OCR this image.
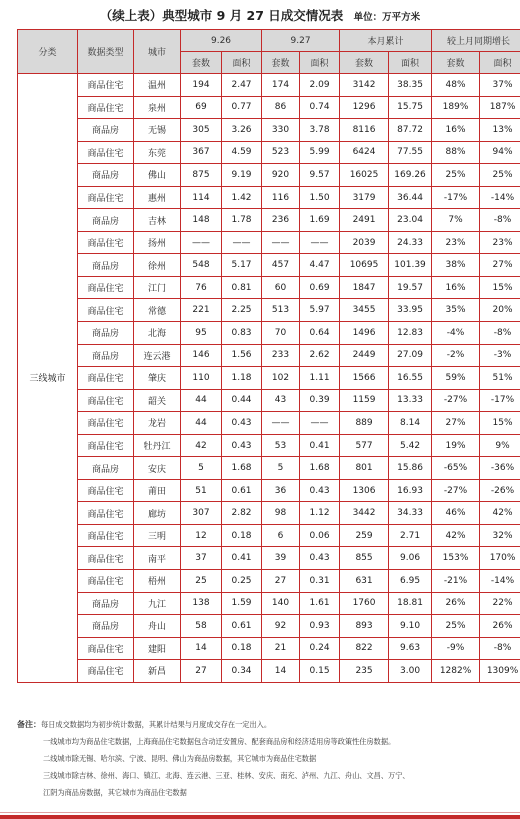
（续上表）典型城市 9 月 27 日成交情况表 单位：万平方米
分类	数据类型	城市	9.26		9.27		本月累计		较上月同期增长	
			套数	面积	套数	面积	套数	面积	套数	面积
三线城市	商品住宅	温州	194	2.47	174	2.09	3142	38.35	48%	37%
	商品住宅	泉州	69	0.77	86	0.74	1296	15.75	189%	187%
	商品房	无锡	305	3.26	330	3.78	8116	87.72	16%	13%
	商品住宅	东莞	367	4.59	523	5.99	6424	77.55	88%	94%
	商品房	佛山	875	9.19	920	9.57	16025	169.26	25%	25%
	商品住宅	惠州	114	1.42	116	1.50	3179	36.44	-17%	-14%
	商品房	吉林	148	1.78	236	1.69	2491	23.04	7%	-8%
	商品住宅	扬州	——	——	——	——	2039	24.33	23%	23%
	商品房	徐州	548	5.17	457	4.47	10695	101.39	38%	27%
	商品住宅	江门	76	0.81	60	0.69	1847	19.57	16%	15%
	商品住宅	常德	221	2.25	513	5.97	3455	33.95	35%	20%
	商品房	北海	95	0.83	70	0.64	1496	12.83	-4%	-8%
	商品房	连云港	146	1.56	233	2.62	2449	27.09	-2%	-3%
	商品住宅	肇庆	110	1.18	102	1.11	1566	16.55	59%	51%
	商品住宅	韶关	44	0.44	43	0.39	1159	13.33	-27%	-17%
	商品住宅	龙岩	44	0.43	——	——	889	8.14	27%	15%
	商品住宅	牡丹江	42	0.43	53	0.41	577	5.42	19%	9%
	商品房	安庆	5	1.68	5	1.68	801	15.86	-65%	-36%
	商品住宅	莆田	51	0.61	36	0.43	1306	16.93	-27%	-26%
	商品住宅	廊坊	307	2.82	98	1.12	3442	34.33	46%	42%
	商品住宅	三明	12	0.18	6	0.06	259	2.71	42%	32%
	商品住宅	南平	37	0.41	39	0.43	855	9.06	153%	170%
	商品住宅	梧州	25	0.25	27	0.31	631	6.95	-21%	-14%
	商品房	九江	138	1.59	140	1.61	1760	18.81	26%	22%
	商品房	舟山	58	0.61	92	0.93	893	9.10	25%	26%
	商品住宅	建阳	14	0.18	21	0.24	822	9.63	-9%	-8%
	商品住宅	新昌	27	0.34	14	0.15	235	3.00	1282%	1309%
备注：每日成交数据均为初步统计数据，其累计结果与月度成交存在一定出入。
一线城市均为商品住宅数据，上海商品住宅数据包含动迁安置房、配套商品房和经济适用房等政策性住房数据。
二线城市除无锡、哈尔滨、宁波、昆明、佛山为商品房数据，其它城市为商品住宅数据
三线城市除吉林、徐州、海口、镇江、北海、连云港、三亚、桂林、安庆、南充、泸州、九江、舟山、文昌、万宁、
江阴为商品房数据，其它城市为商品住宅数据
